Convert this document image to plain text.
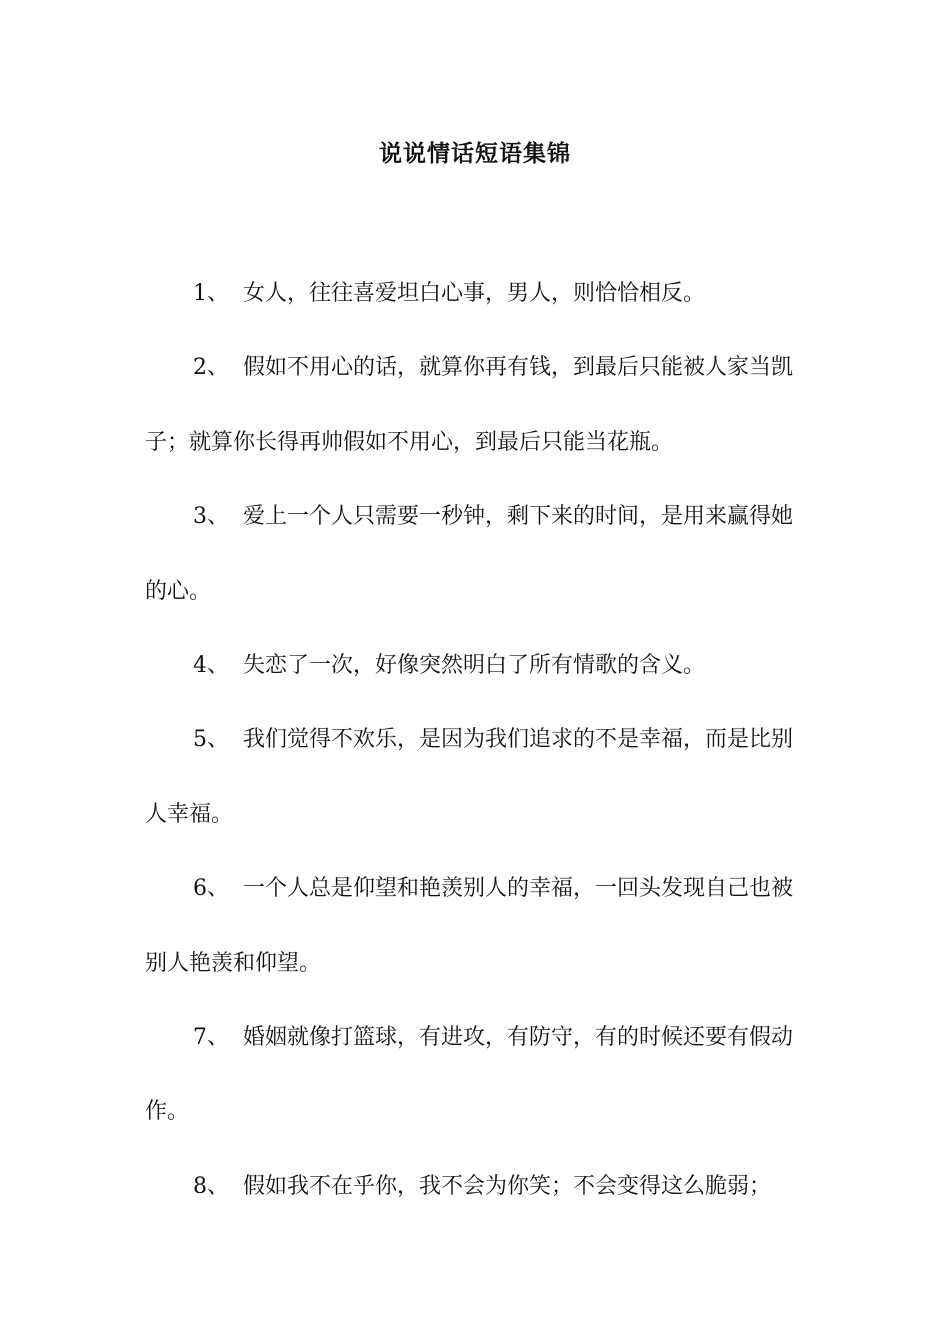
说说情话短语集锦

1、 女人，往往喜爱坦白心事，男人，则恰恰相反。

2、 假如不用心的话，就算你再有钱，到最后只能被人家当凯子；就算你长得再帅假如不用心，到最后只能当花瓶。

3、 爱上一个人只需要一秒钟，剩下来的时间，是用来赢得她的心。

4、 失恋了一次，好像突然明白了所有情歌的含义。

5、 我们觉得不欢乐，是因为我们追求的不是幸福，而是比别人幸福。

6、 一个人总是仰望和艳羡别人的幸福，一回头发现自己也被别人艳羡和仰望。

7、 婚姻就像打篮球，有进攻，有防守，有的时候还要有假动作。

8、 假如我不在乎你，我不会为你笑；不会变得这么脆弱；
